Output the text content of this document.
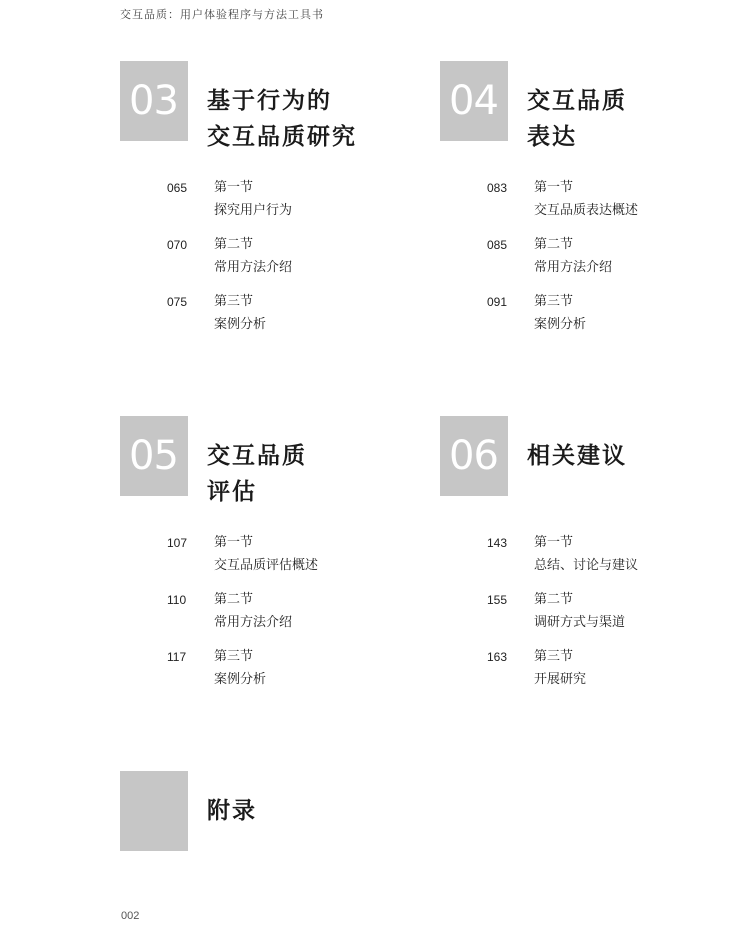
交互品质：用户体验程序与方法工具书
03 基于行为的
交互品质研究
065 第一节
探究用户行为
070 第二节
常用方法介绍
075 第三节
案例分析
04 交互品质
表达
083 第一节
交互品质表达概述
085 第二节
常用方法介绍
091 第三节
案例分析
05 交互品质
评估
107 第一节
交互品质评估概述
110 第二节
常用方法介绍
117 第三节
案例分析
06 相关建议
143 第一节
总结、讨论与建议
155 第二节
调研方式与渠道
163 第三节
开展研究
附录
002
